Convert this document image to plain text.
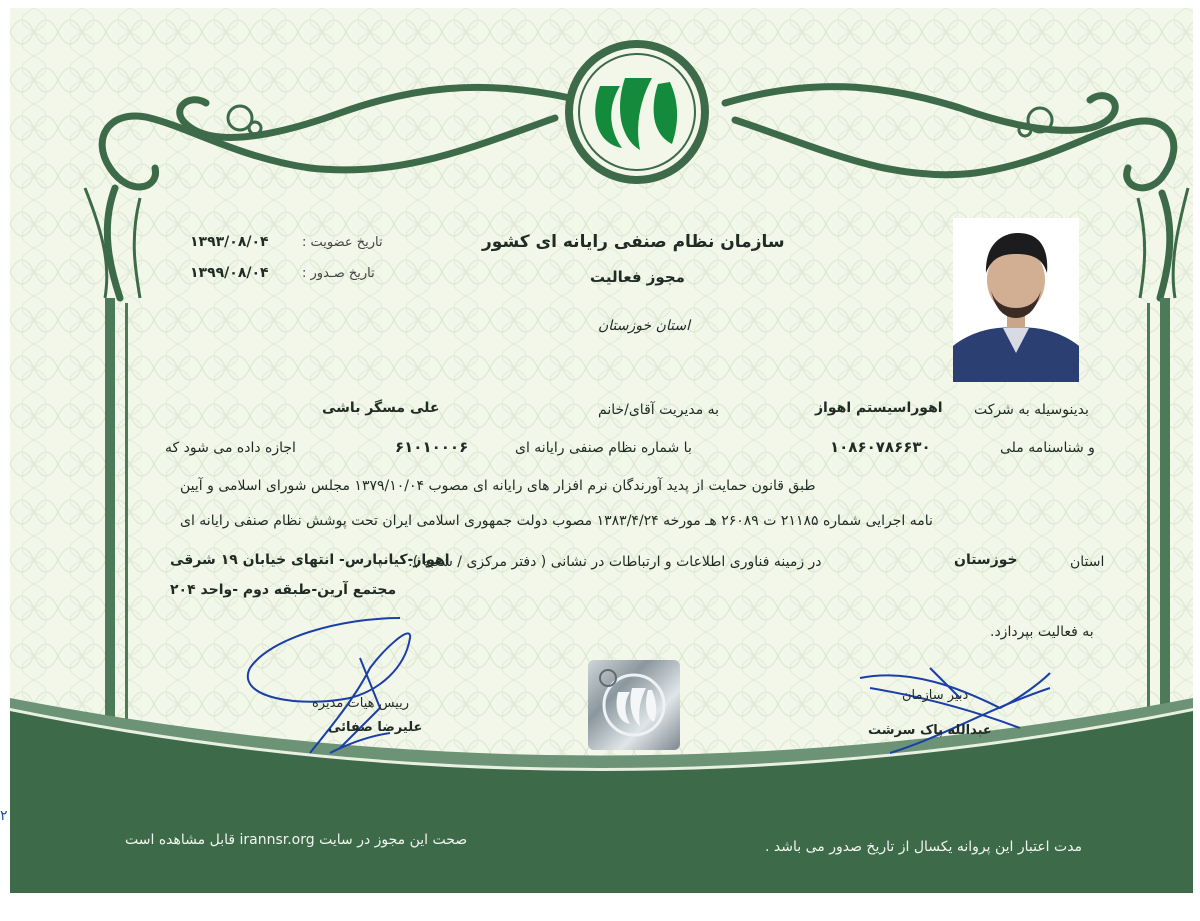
سازمان نظام صنفی رایانه ای کشور
مجوز فعالیت
استان خوزستان
تاریخ عضویت :
۱۳۹۳/۰۸/۰۴
تاریخ صـدور :
۱۳۹۹/۰۸/۰۴
بدینوسیله به شرکت
اهوراسیستم اهواز
به مدیریت آقای/خانم
علی مسگر باشی
و شناسنامه ملی
۱۰۸۶۰۷۸۶۶۳۰
با شماره نظام صنفی رایانه ای
۶۱۰۱۰۰۰۶
اجازه داده می شود که
طبق قانون حمایت از پدید آورندگان نرم افزار های رایانه ای مصوب ۱۳۷۹/۱۰/۰۴ مجلس شورای اسلامی و آیین
نامه اجرایی شماره ۲۱۱۸۵ ت ۲۶۰۸۹ هـ مورخه ۱۳۸۳/۴/۲۴ مصوب دولت جمهوری اسلامی ایران تحت پوشش نظام صنفی رایانه ای
استان
خوزستان
در زمینه فناوری اطلاعات و ارتباطات در نشانی ( دفتر مرکزی / شعبه ):
اهواز-کیانپارس- انتهای خیابان ۱۹ شرقی
مجتمع آرین-طبقه دوم -واحد ۲۰۴
به فعالیت بپردازد.
دبیر سازمان
عبدالله پاک سرشت
رییس هیات مدیره
علیرضا صفائی
مدت اعتبار این پروانه یکسال از تاریخ صدور می باشد .
صحت این مجوز در سایت irannsr.org قابل مشاهده است
۲
